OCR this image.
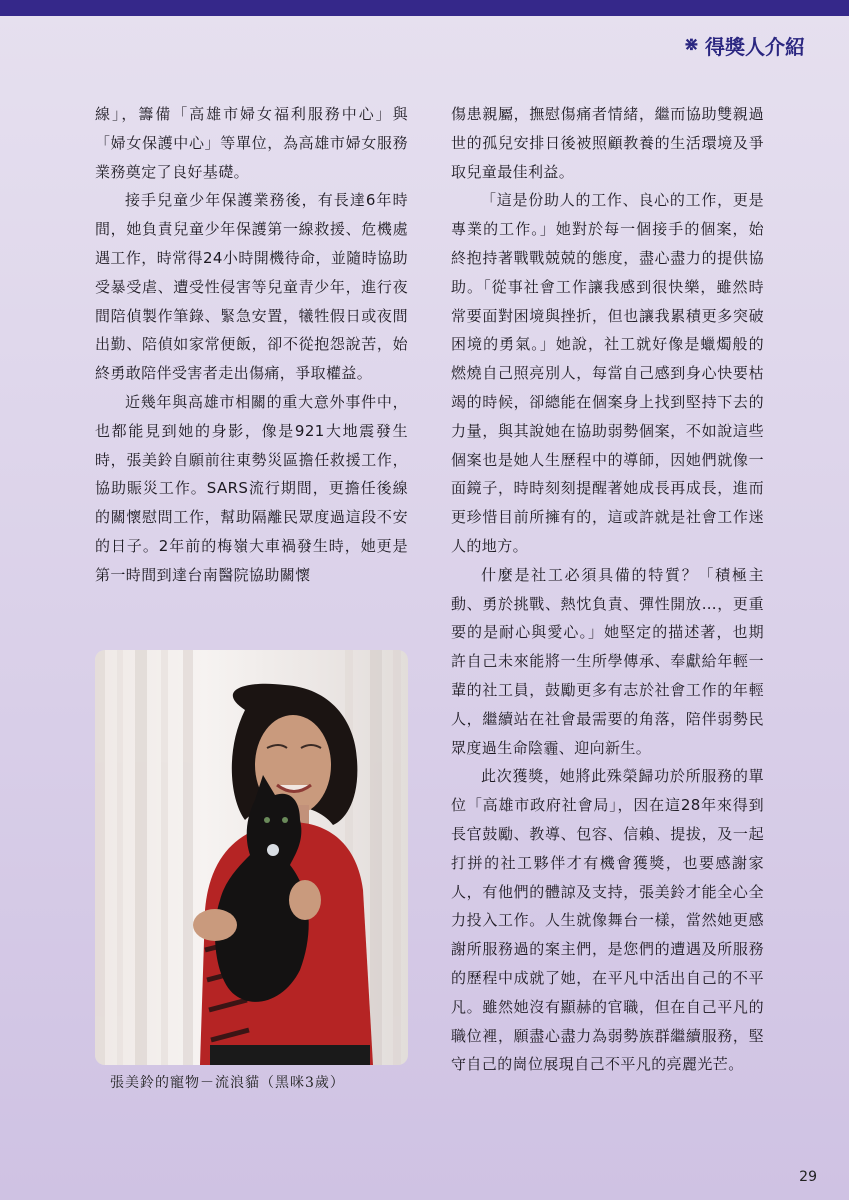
⋇ 得獎人介紹

線」，籌備「高雄市婦女福利服務中心」與「婦女保護中心」等單位，為高雄市婦女服務業務奠定了良好基礎。

接手兒童少年保護業務後，有長達6年時間，她負責兒童少年保護第一線救援、危機處遇工作，時常得24小時開機待命，並隨時協助受暴受虐、遭受性侵害等兒童青少年，進行夜間陪偵製作筆錄、緊急安置，犧牲假日或夜間出勤、陪偵如家常便飯，卻不從抱怨說苦，始終勇敢陪伴受害者走出傷痛，爭取權益。

近幾年與高雄市相關的重大意外事件中，也都能見到她的身影，像是921大地震發生時，張美鈴自願前往東勢災區擔任救援工作，協助賑災工作。SARS流行期間，更擔任後線的關懷慰問工作，幫助隔離民眾度過這段不安的日子。2年前的梅嶺大車禍發生時，她更是第一時間到達台南醫院協助關懷

傷患親屬，撫慰傷痛者情緒，繼而協助雙親過世的孤兒安排日後被照顧教養的生活環境及爭取兒童最佳利益。

「這是份助人的工作、良心的工作，更是專業的工作。」她對於每一個接手的個案，始終抱持著戰戰兢兢的態度，盡心盡力的提供協助。「從事社會工作讓我感到很快樂，雖然時常要面對困境與挫折，但也讓我累積更多突破困境的勇氣。」她說，社工就好像是蠟燭般的燃燒自己照亮別人，每當自己感到身心快要枯竭的時候，卻總能在個案身上找到堅持下去的力量，與其說她在協助弱勢個案，不如說這些個案也是她人生歷程中的導師，因她們就像一面鏡子，時時刻刻提醒著她成長再成長，進而更珍惜目前所擁有的，這或許就是社會工作迷人的地方。

什麼是社工必須具備的特質？「積極主動、勇於挑戰、熱忱負責、彈性開放…，更重要的是耐心與愛心。」她堅定的描述著，也期許自己未來能將一生所學傳承、奉獻給年輕一輩的社工員，鼓勵更多有志於社會工作的年輕人，繼續站在社會最需要的角落，陪伴弱勢民眾度過生命陰霾、迎向新生。

此次獲獎，她將此殊榮歸功於所服務的單位「高雄市政府社會局」，因在這28年來得到長官鼓勵、教導、包容、信賴、提拔，及一起打拼的社工夥伴才有機會獲獎，也要感謝家人，有他們的體諒及支持，張美鈴才能全心全力投入工作。人生就像舞台一樣，當然她更感謝所服務過的案主們，是您們的遭遇及所服務的歷程中成就了她，在平凡中活出自己的不平凡。雖然她沒有顯赫的官職，但在自己平凡的職位裡，願盡心盡力為弱勢族群繼續服務，堅守自己的崗位展現自己不平凡的亮麗光芒。

張美鈴的寵物－流浪貓（黑咪3歲）
29
